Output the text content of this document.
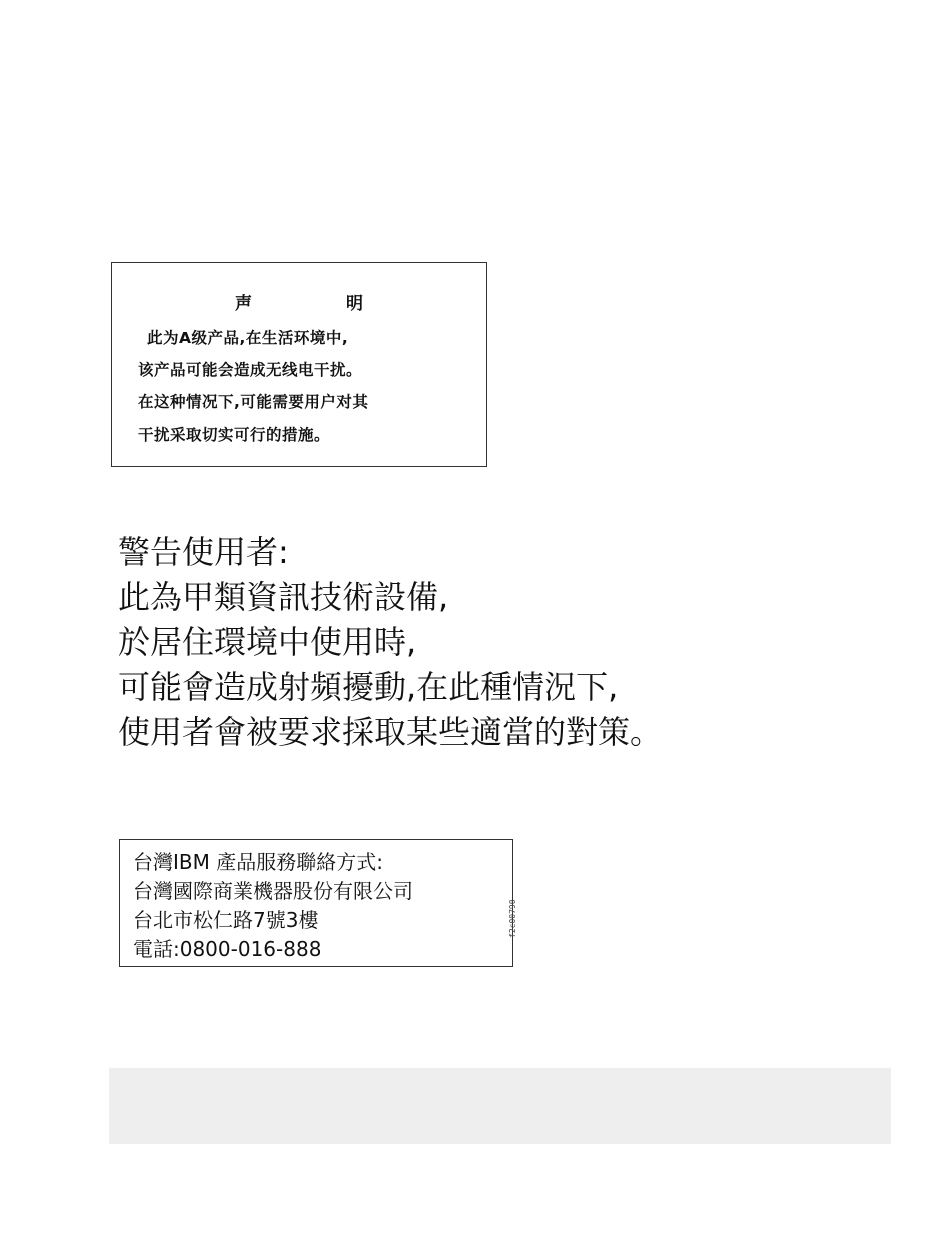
声 明
此为A级产品,在生活环境中,
该产品可能会造成无线电干扰。
在这种情况下,可能需要用户对其
干扰采取切实可行的措施。
警告使用者:
此為甲類資訊技術設備,
於居住環境中使用時,
可能會造成射頻擾動,在此種情況下,
使用者會被要求採取某些適當的對策。
台灣IBM 產品服務聯絡方式:
台灣國際商業機器股份有限公司
台北市松仁路7號3樓
電話:0800-016-888
f2c00790
